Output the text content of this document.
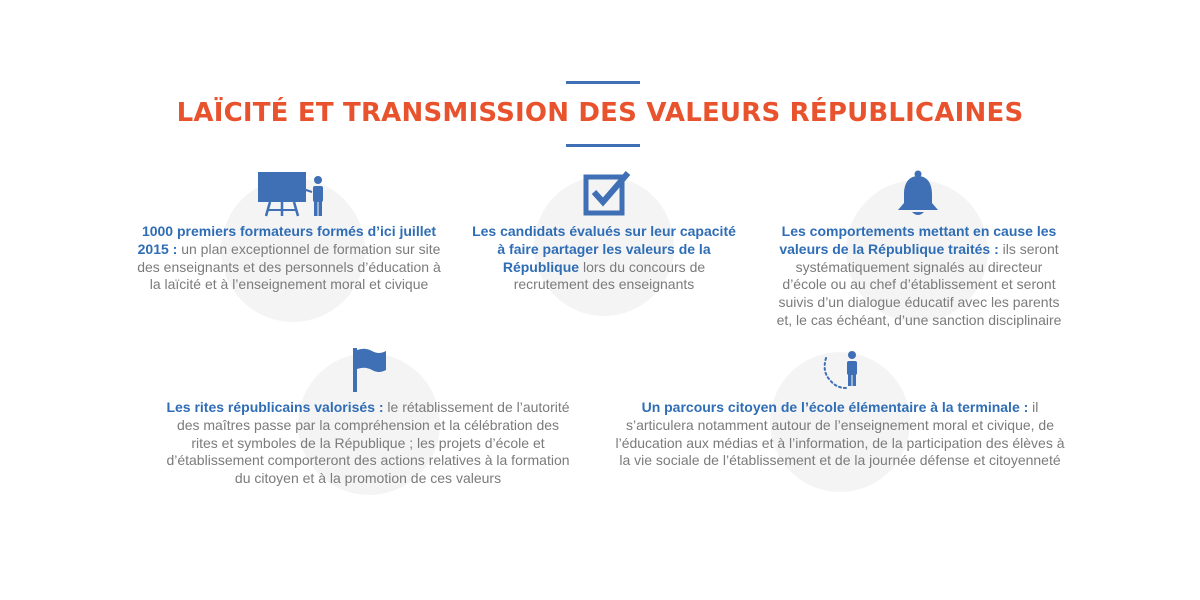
LAÏCITÉ ET TRANSMISSION DES VALEURS RÉPUBLICAINES
1000 premiers formateurs formés d’ici juillet 2015 : un plan exceptionnel de formation sur site des enseignants et des personnels d’éducation à la laïcité et à l’enseignement moral et civique
Les candidats évalués sur leur capacité à faire partager les valeurs de la République lors du concours de recrutement des enseignants
Les comportements mettant en cause les valeurs de la République traités : ils seront systématiquement signalés au directeur d’école ou au chef d’établissement et seront suivis d’un dialogue éducatif avec les parents et, le cas échéant, d’une sanction disciplinaire
Les rites républicains valorisés : le rétablissement de l’autorité des maîtres passe par la compréhension et la célébration des rites et symboles de la République ; les projets d’école et d’établissement comporteront des actions relatives à la formation du citoyen et à la promotion de ces valeurs
Un parcours citoyen de l’école élémentaire à la terminale : il s’articulera notamment autour de l’enseignement moral et civique, de l’éducation aux médias et à l’information, de la participation des élèves à la vie sociale de l’établissement et de la journée défense et citoyenneté
